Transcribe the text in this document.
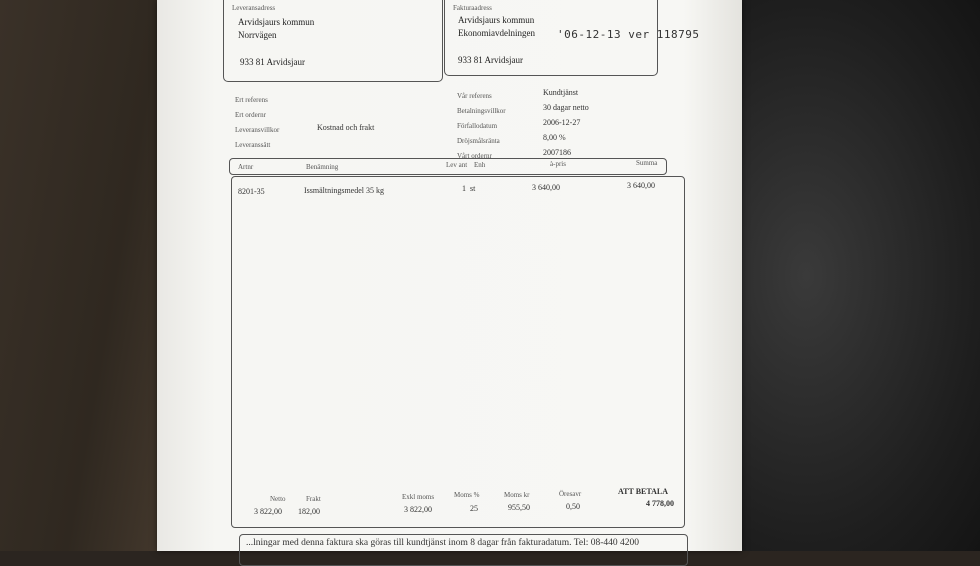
Leveransadress
Arvidsjaurs kommun
Norrvägen
933 81 Arvidsjaur
Fakturaadress
Arvidsjaurs kommun
Ekonomiavdelningen
933 81 Arvidsjaur
'06-12-13 ver 118795
Ert referens
Ert ordernr
Leveransvillkor	Kostnad och frakt
Leveranssätt
Vår referens	Kundtjänst
Betalningsvillkor	30 dagar netto
Förfallodatum	2006-12-27
Dröjsmålsränta	8,00 %
Vårt ordernr	2007186
Artnr	Benämning	Lev ant Enh	à-pris	Summa
8201-35	Issmältningsmedel 35 kg	1 st	3 640,00	3 640,00
Netto
3 822,00
Frakt
182,00
Exkl moms
3 822,00
Moms %
25
Moms kr
955,50
Öresavr
0,50
ATT BETALA
4 778,00
...lningar med denna faktura ska göras till kundtjänst inom 8 dagar från fakturadatum. Tel: 08-440 4200
